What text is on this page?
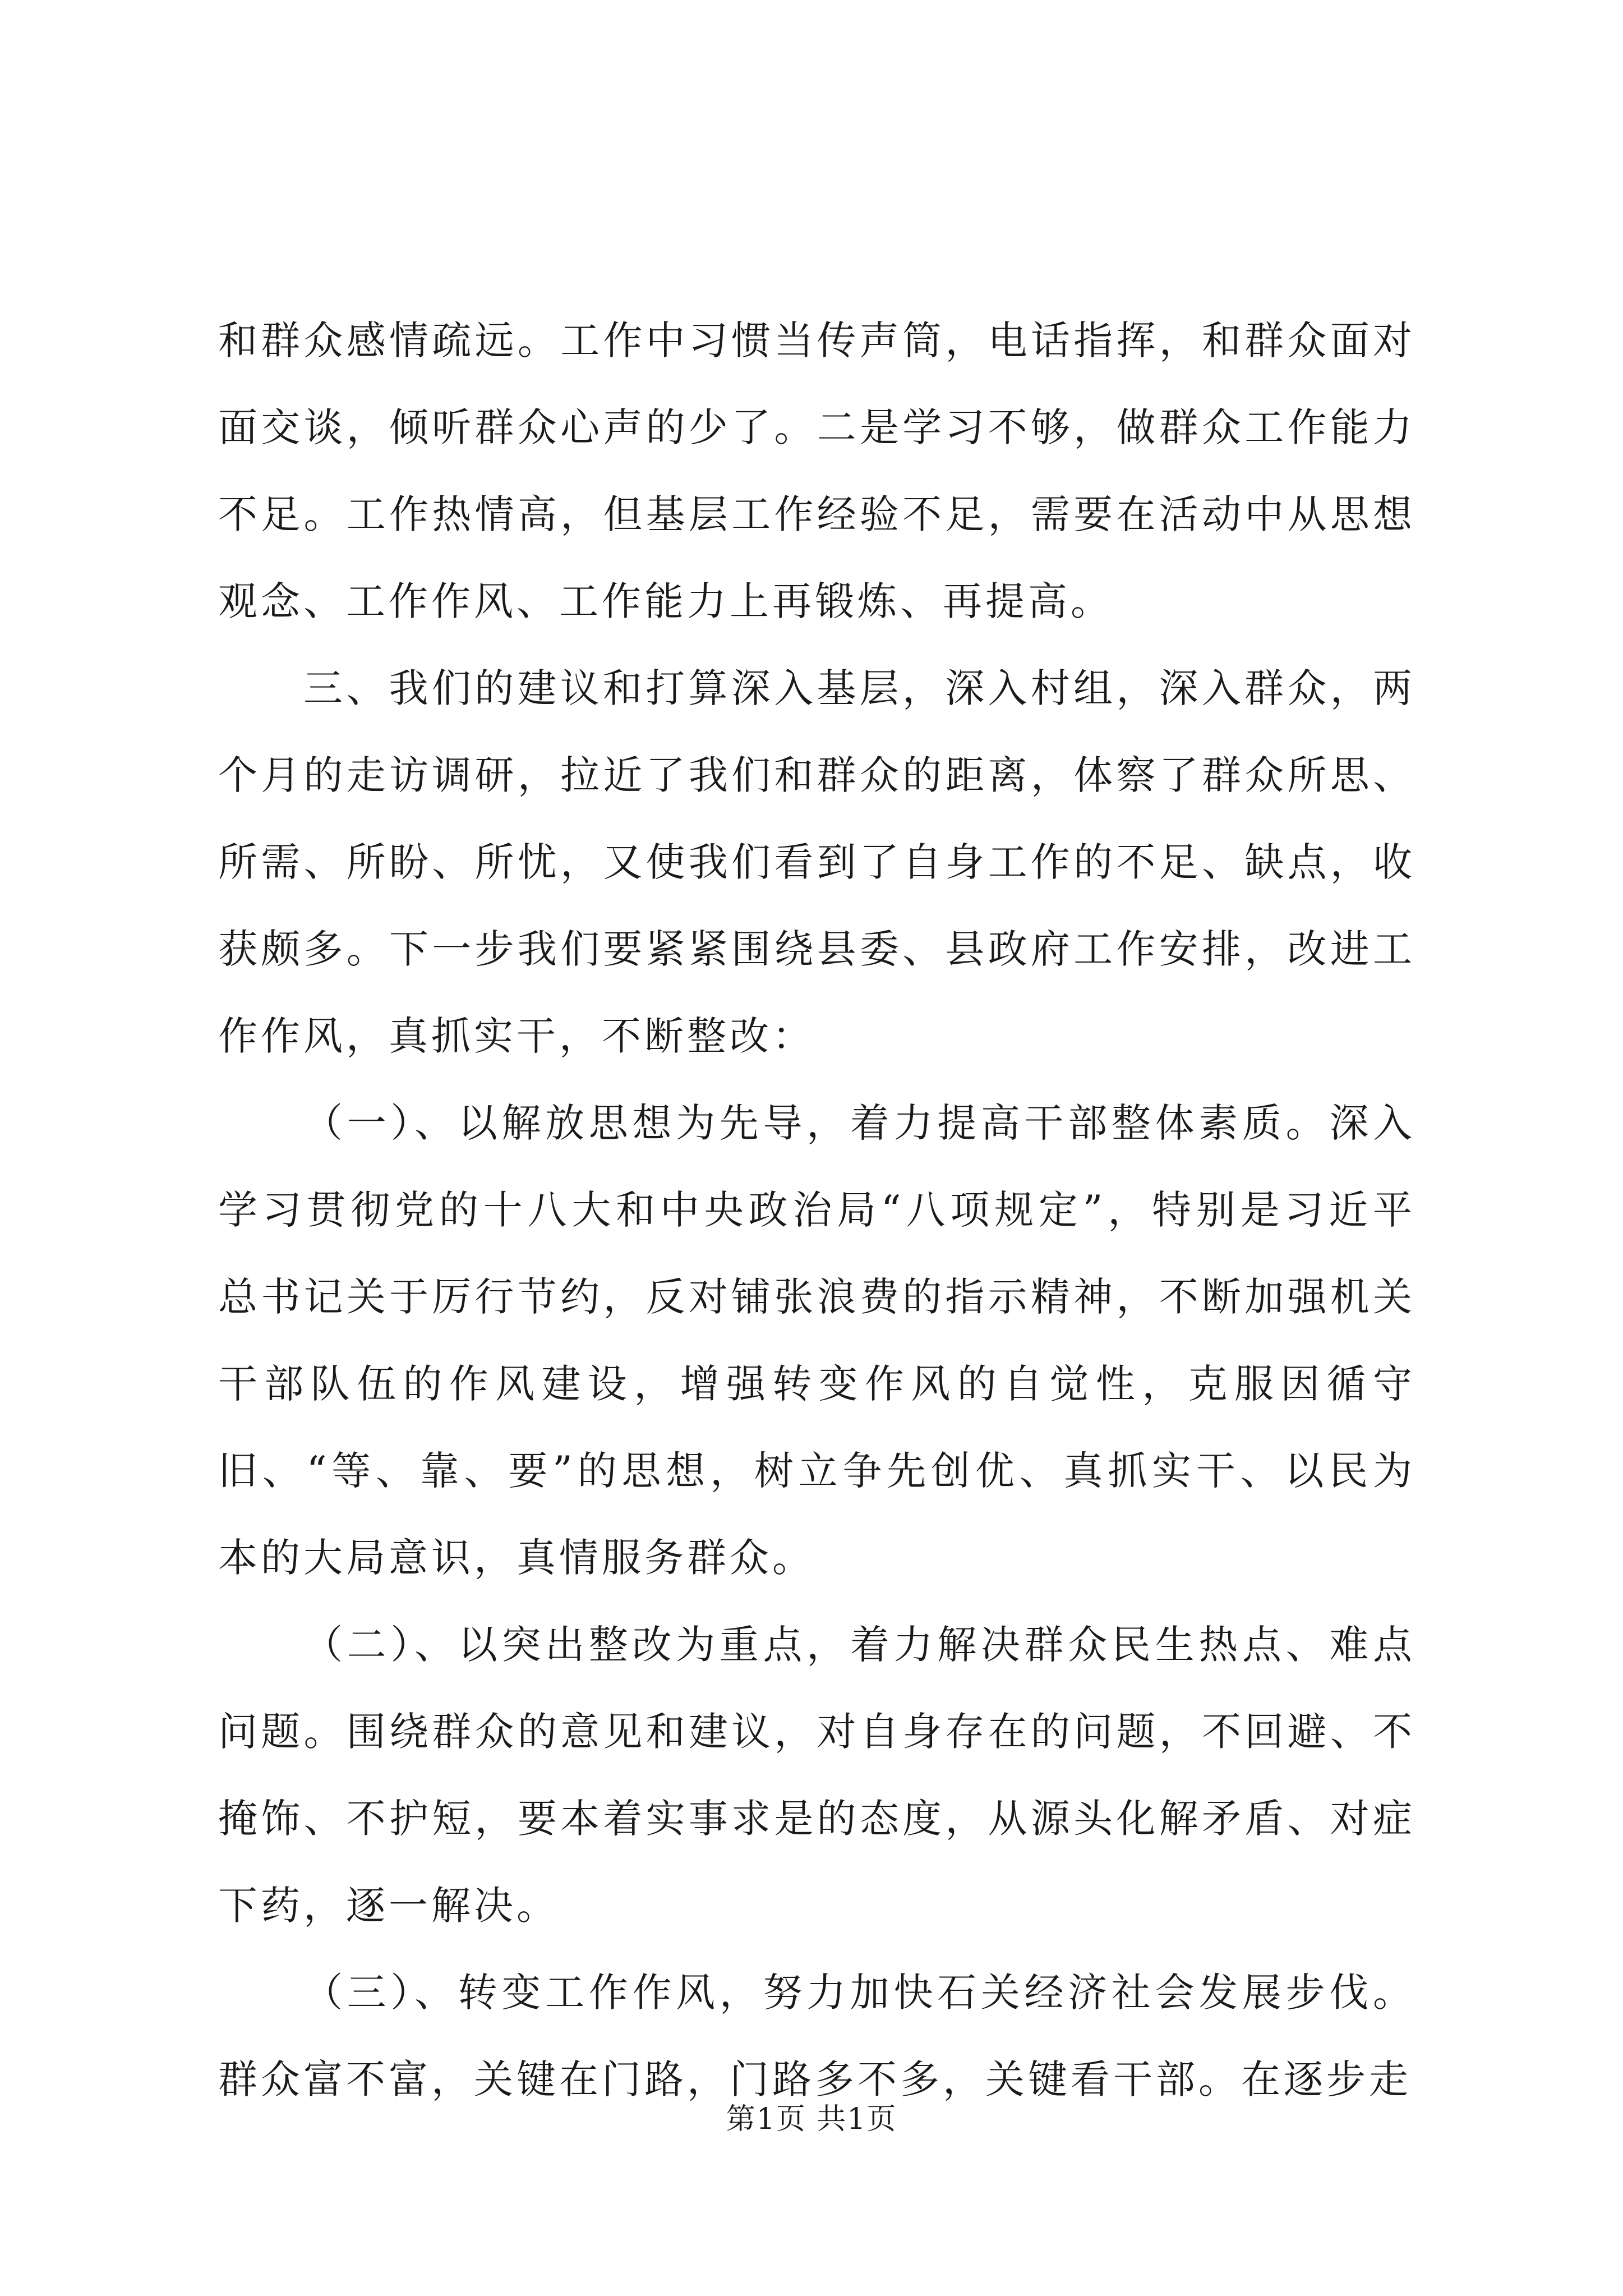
和群众感情疏远。工作中习惯当传声筒，电话指挥，和群众面对面交谈，倾听群众心声的少了。二是学习不够，做群众工作能力不足。工作热情高，但基层工作经验不足，需要在活动中从思想观念、工作作风、工作能力上再锻炼、再提高。

三、我们的建议和打算深入基层，深入村组，深入群众，两个月的走访调研，拉近了我们和群众的距离，体察了群众所思、所需、所盼、所忧，又使我们看到了自身工作的不足、缺点，收获颇多。下一步我们要紧紧围绕县委、县政府工作安排，改进工作作风，真抓实干，不断整改：

（一）、以解放思想为先导，着力提高干部整体素质。深入学习贯彻党的十八大和中央政治局“八项规定”，特别是习近平总书记关于厉行节约，反对铺张浪费的指示精神，不断加强机关干部队伍的作风建设，增强转变作风的自觉性，克服因循守旧、“等、靠、要”的思想，树立争先创优、真抓实干、以民为本的大局意识，真情服务群众。

（二）、以突出整改为重点，着力解决群众民生热点、难点问题。围绕群众的意见和建议，对自身存在的问题，不回避、不掩饰、不护短，要本着实事求是的态度，从源头化解矛盾、对症下药，逐一解决。

（三）、转变工作作风，努力加快石关经济社会发展步伐。群众富不富，关键在门路，门路多不多，关键看干部。在逐步走

第1页 共1页
